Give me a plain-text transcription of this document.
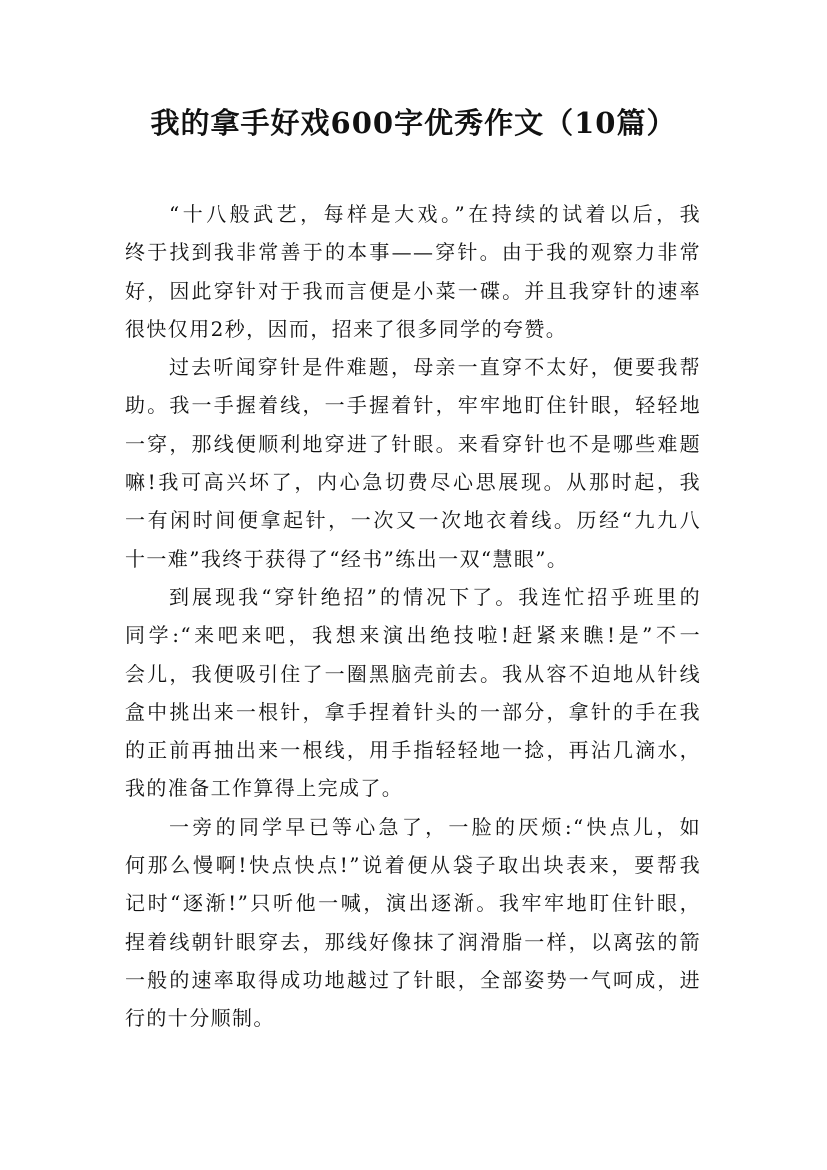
我的拿手好戏600字优秀作文（10篇）

“十八般武艺，每样是大戏。”在持续的试着以后，我
终于找到我非常善于的本事——穿针。由于我的观察力非常
好，因此穿针对于我而言便是小菜一碟。并且我穿针的速率
很快仅用2秒，因而，招来了很多同学的夸赞。

过去听闻穿针是件难题，母亲一直穿不太好，便要我帮
助。我一手握着线，一手握着针，牢牢地盯住针眼，轻轻地
一穿，那线便顺利地穿进了针眼。来看穿针也不是哪些难题
嘛!我可高兴坏了，内心急切费尽心思展现。从那时起，我
一有闲时间便拿起针，一次又一次地衣着线。历经“九九八
十一难”我终于获得了“经书”练出一双“慧眼”。

到展现我“穿针绝招”的情况下了。我连忙招乎班里的
同学:“来吧来吧，我想来演出绝技啦!赶紧来瞧!是”不一
会儿，我便吸引住了一圈黑脑壳前去。我从容不迫地从针线
盒中挑出来一根针，拿手捏着针头的一部分，拿针的手在我
的正前再抽出来一根线，用手指轻轻地一捻，再沾几滴水，
我的准备工作算得上完成了。

一旁的同学早已等心急了，一脸的厌烦:“快点儿，如
何那么慢啊!快点快点!”说着便从袋子取出块表来，要帮我
记时“逐渐!”只听他一喊，演出逐渐。我牢牢地盯住针眼，
捏着线朝针眼穿去，那线好像抹了润滑脂一样，以离弦的箭
一般的速率取得成功地越过了针眼，全部姿势一气呵成，进
行的十分顺制。
